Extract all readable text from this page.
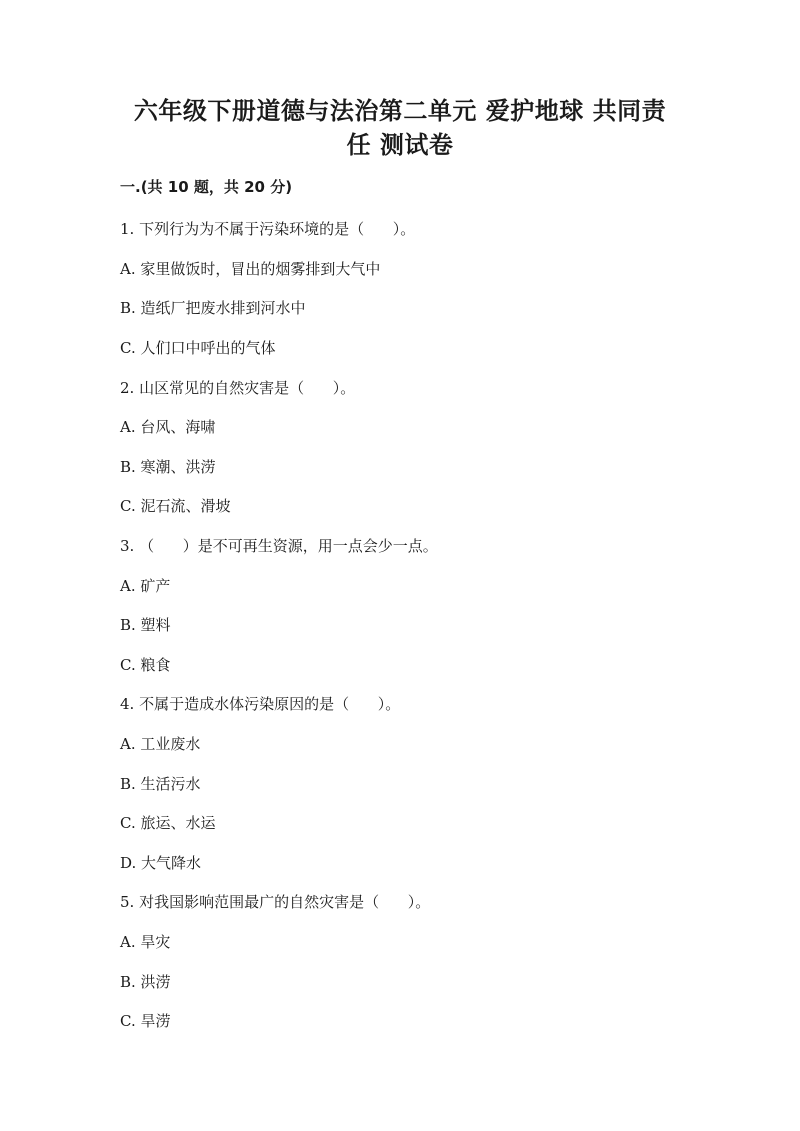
六年级下册道德与法治第二单元 爱护地球 共同责
任 测试卷
一.(共 10 题，共 20 分)
1. 下列行为为不属于污染环境的是（      ）。
A. 家里做饭时，冒出的烟雾排到大气中
B. 造纸厂把废水排到河水中
C. 人们口中呼出的气体
2. 山区常见的自然灾害是（      ）。
A. 台风、海啸
B. 寒潮、洪涝
C. 泥石流、滑坡
3. （      ）是不可再生资源，用一点会少一点。
A. 矿产
B. 塑料
C. 粮食
4. 不属于造成水体污染原因的是（      ）。
A. 工业废水
B. 生活污水
C. 旅运、水运
D. 大气降水
5. 对我国影响范围最广的自然灾害是（      ）。
A. 旱灾
B. 洪涝
C. 旱涝
